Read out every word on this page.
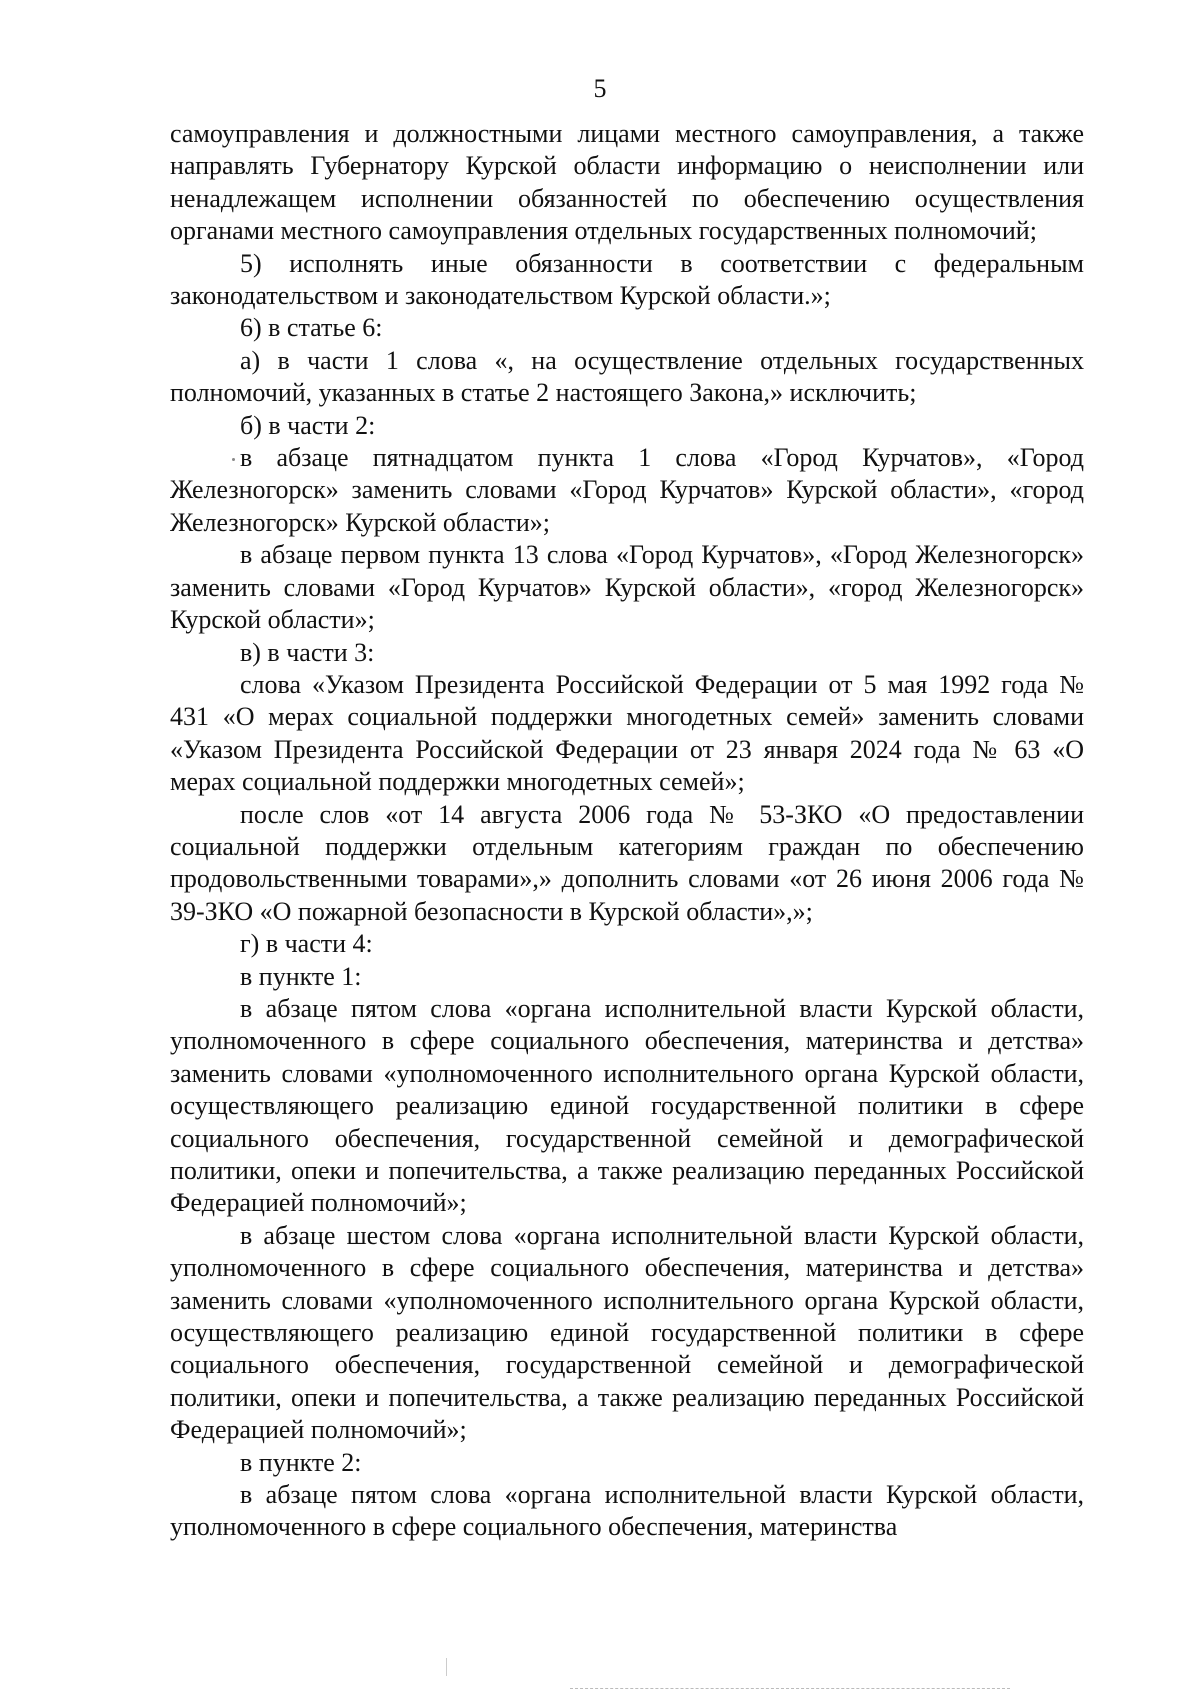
5

самоуправления и должностными лицами местного самоуправления, а также направлять Губернатору Курской области информацию о неисполнении или ненадлежащем исполнении обязанностей по обеспечению осуществления органами местного самоуправления отдельных государственных полномочий;

5) исполнять иные обязанности в соответствии с федеральным законодательством и законодательством Курской области.»;

6) в статье 6:

а) в части 1 слова «, на осуществление отдельных государственных полномочий, указанных в статье 2 настоящего Закона,» исключить;

б) в части 2:

в абзаце пятнадцатом пункта 1 слова «Город Курчатов», «Город Железногорск» заменить словами «Город Курчатов» Курской области», «город Железногорск» Курской области»;

в абзаце первом пункта 13 слова «Город Курчатов», «Город Железногорск» заменить словами «Город Курчатов» Курской области», «город Железногорск» Курской области»;

в) в части 3:

слова «Указом Президента Российской Федерации от 5 мая 1992 года № 431 «О мерах социальной поддержки многодетных семей» заменить словами «Указом Президента Российской Федерации от 23 января 2024 года № 63 «О мерах социальной поддержки многодетных семей»;

после слов «от 14 августа 2006 года № 53-ЗКО «О предоставлении социальной поддержки отдельным категориям граждан по обеспечению продовольственными товарами»,» дополнить словами «от 26 июня 2006 года № 39-ЗКО «О пожарной безопасности в Курской области»,»;

г) в части 4:

в пункте 1:

в абзаце пятом слова «органа исполнительной власти Курской области, уполномоченного в сфере социального обеспечения, материнства и детства» заменить словами «уполномоченного исполнительного органа Курской области, осуществляющего реализацию единой государственной политики в сфере социального обеспечения, государственной семейной и демографической политики, опеки и попечительства, а также реализацию переданных Российской Федерацией полномочий»;

в абзаце шестом слова «органа исполнительной власти Курской области, уполномоченного в сфере социального обеспечения, материнства и детства» заменить словами «уполномоченного исполнительного органа Курской области, осуществляющего реализацию единой государственной политики в сфере социального обеспечения, государственной семейной и демографической политики, опеки и попечительства, а также реализацию переданных Российской Федерацией полномочий»;

в пункте 2:

в абзаце пятом слова «органа исполнительной власти Курской области, уполномоченного в сфере социального обеспечения, материнства
